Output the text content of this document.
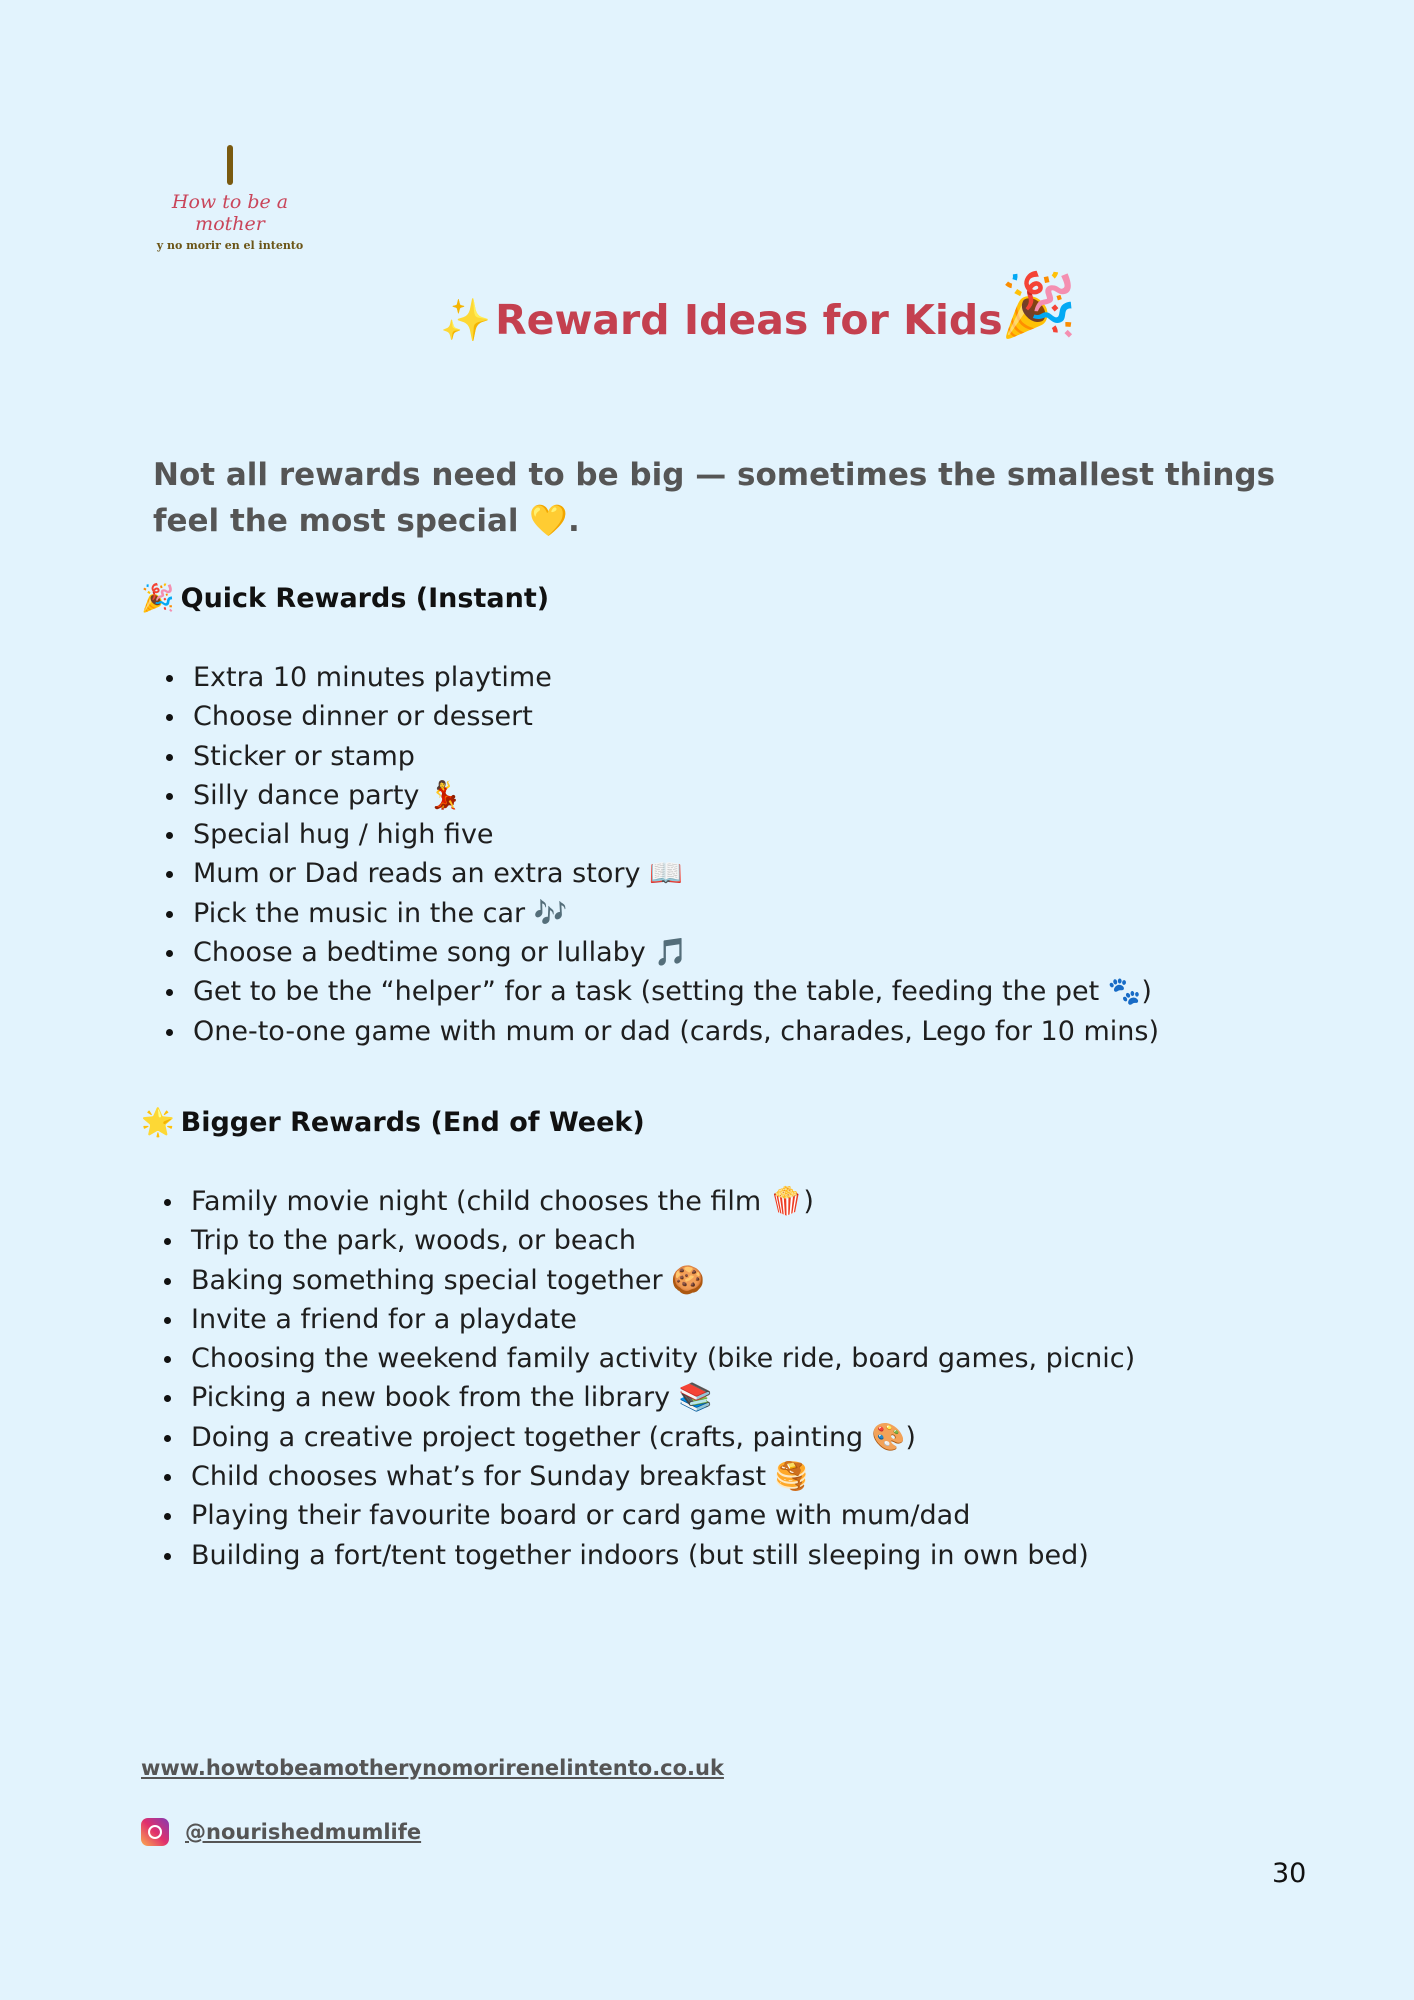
How to be a mother
y no morir en el intento
✨Reward Ideas for Kids
🎉
Not all rewards need to be big — sometimes the smallest things feel the most special 💛.
🎉 Quick Rewards (Instant)
Extra 10 minutes playtime
Choose dinner or dessert
Sticker or stamp
Silly dance party 💃
Special hug / high five
Mum or Dad reads an extra story 📖
Pick the music in the car 🎶
Choose a bedtime song or lullaby 🎵
Get to be the “helper” for a task (setting the table, feeding the pet 🐾)
One-to-one game with mum or dad (cards, charades, Lego for 10 mins)
🌟 Bigger Rewards (End of Week)
Family movie night (child chooses the film 🍿)
Trip to the park, woods, or beach
Baking something special together 🍪
Invite a friend for a playdate
Choosing the weekend family activity (bike ride, board games, picnic)
Picking a new book from the library 📚
Doing a creative project together (crafts, painting 🎨)
Child chooses what’s for Sunday breakfast 🥞
Playing their favourite board or card game with mum/dad
Building a fort/tent together indoors (but still sleeping in own bed)
www.howtobeamotherynomorirenelintento.co.uk
@nourishedmumlife
30
